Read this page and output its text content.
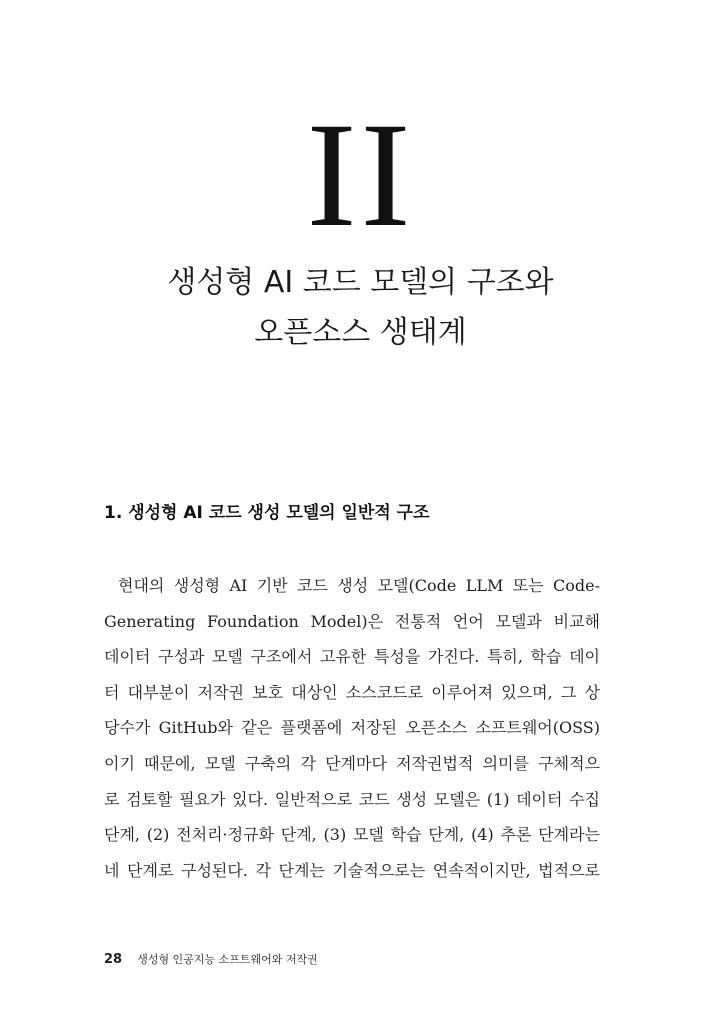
II
생성형 AI 코드 모델의 구조와
오픈소스 생태계
1. 생성형 AI 코드 생성 모델의 일반적 구조
현대의 생성형 AI 기반 코드 생성 모델(Code LLM 또는 Code-
Generating Foundation Model)은 전통적 언어 모델과 비교해
데이터 구성과 모델 구조에서 고유한 특성을 가진다. 특히, 학습 데이
터 대부분이 저작권 보호 대상인 소스코드로 이루어져 있으며, 그 상
당수가 GitHub와 같은 플랫폼에 저장된 오픈소스 소프트웨어(OSS)
이기 때문에, 모델 구축의 각 단계마다 저작권법적 의미를 구체적으
로 검토할 필요가 있다. 일반적으로 코드 생성 모델은 (1) 데이터 수집
단계, (2) 전처리·정규화 단계, (3) 모델 학습 단계, (4) 추론 단계라는
네 단계로 구성된다. 각 단계는 기술적으로는 연속적이지만, 법적으로
28 생성형 인공지능 소프트웨어와 저작권
